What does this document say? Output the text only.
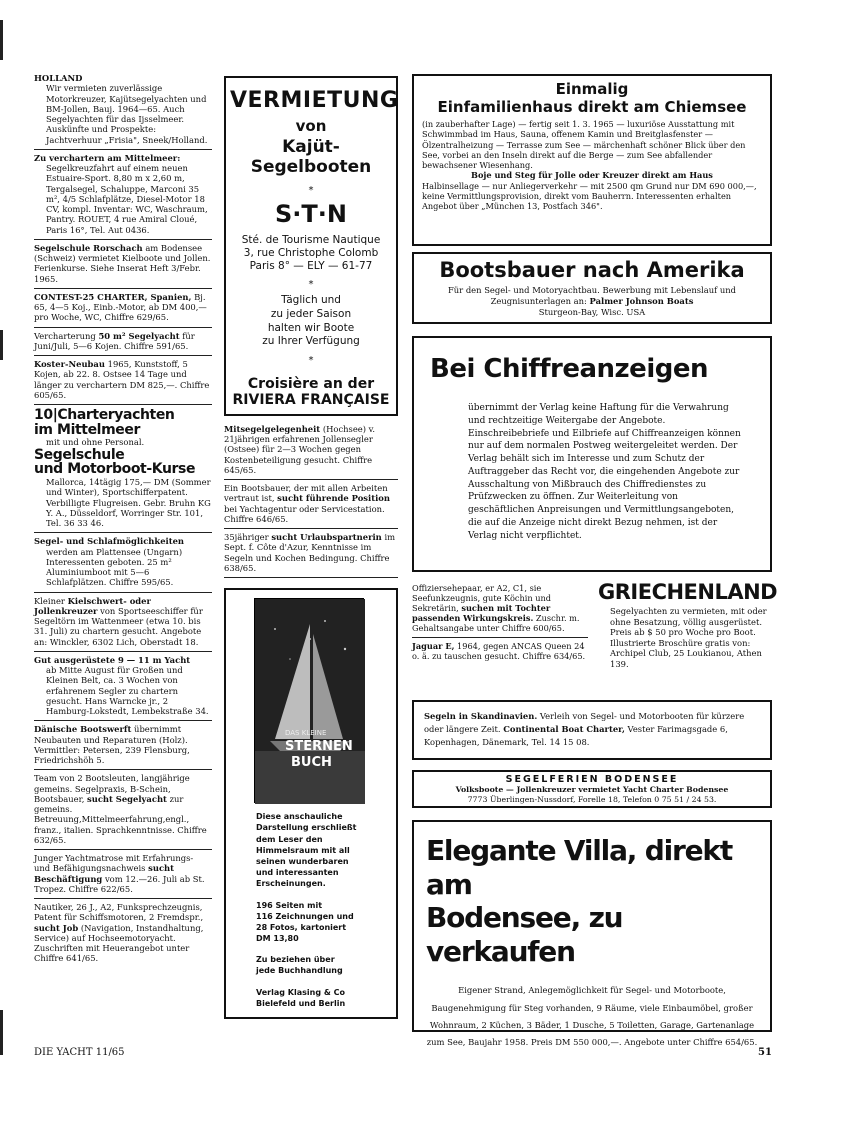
HOLLAND
Wir vermieten zuverlässige Motorkreuzer, Kajütsegelyachten und BM-Jollen, Bauj. 1964—65. Auch Segelyachten für das Ijsselmeer. Auskünfte und Prospekte: Jachtverhuur „Frisia", Sneek/Holland.
Zu verchartern am Mittelmeer:
Segelkreuzfahrt auf einem neuen Estuaire-Sport. 8,80 m x 2,60 m, Tergalsegel, Schaluppe, Marconi 35 m², 4/5 Schlafplätze, Diesel-Motor 18 CV, kompl. Inventar: WC, Waschraum, Pantry. ROUET, 4 rue Amiral Cloué, Paris 16°, Tel. Aut 0436.
Segelschule Rorschach am Bodensee (Schweiz) vermietet Kielboote und Jollen. Ferienkurse. Siehe Inserat Heft 3/Febr. 1965.
CONTEST-25 CHARTER, Spanien, Bj. 65, 4—5 Koj., Einb.-Motor, ab DM 400,— pro Woche, WC, Chiffre 629/65.
Vercharterung 50 m² Segelyacht für Juni/Juli, 5—6 Kojen. Chiffre 591/65.
Koster-Neubau 1965, Kunststoff, 5 Kojen, ab 22. 8. Ostsee 14 Tage und länger zu verchartern DM 825,—. Chiffre 605/65.
10|Charteryachten
im Mittelmeer
mit und ohne Personal.
Segelschule
und Motorboot-Kurse
Mallorca, 14tägig 175,— DM (Sommer und Winter), Sportschifferpatent. Verbilligte Flugreisen. Gebr. Bruhn KG Y. A., Düsseldorf, Worringer Str. 101, Tel. 36 33 46.
Segel- und Schlafmöglichkeiten
werden am Plattensee (Ungarn) Interessenten geboten. 25 m² Aluminiumboot mit 5—6 Schlafplätzen. Chiffre 595/65.
Kleiner Kielschwert- oder Jollenkreuzer von Sportseeschiffer für Segeltörn im Wattenmeer (etwa 10. bis 31. Juli) zu chartern gesucht. Angebote an: Winckler, 6302 Lich, Oberstadt 18.
Gut ausgerüstete 9 — 11 m Yacht
ab Mitte August für Großen und Kleinen Belt, ca. 3 Wochen von erfahrenem Segler zu chartern gesucht. Hans Warncke jr., 2 Hamburg-Lokstedt, Lembekstraße 34.
Dänische Bootswerft übernimmt Neubauten und Reparaturen (Holz). Vermittler: Petersen, 239 Flensburg, Friedrichshöh 5.
Team von 2 Bootsleuten, langjährige gemeins. Segelpraxis, B-Schein, Bootsbauer, sucht Segelyacht zur gemeins. Betreuung,Mittelmeerfahrung,engl., franz., italien. Sprachkenntnisse. Chiffre 632/65.
Junger Yachtmatrose mit Erfahrungs- und Befähigungsnachweis sucht Beschäftigung vom 12.—26. Juli ab St. Tropez. Chiffre 622/65.
Nautiker, 26 J., A2, Funksprechzeugnis, Patent für Schiffsmotoren, 2 Fremdspr., sucht Job (Navigation, Instandhaltung, Service) auf Hochseemotoryacht. Zuschriften mit Heuerangebot unter Chiffre 641/65.
VERMIETUNG
von
Kajüt-Segelbooten
*
S·T·N
Sté. de Tourisme Nautique
3, rue Christophe Colomb
Paris 8° — ELY — 61-77
*
Täglich und
zu jeder Saison
halten wir Boote
zu Ihrer Verfügung
*
Croisière an der
RIVIERA FRANÇAISE
Mitsegelgelegenheit (Hochsee) v. 21jährigen erfahrenen Jollensegler (Ostsee) für 2—3 Wochen gegen Kostenbeteiligung gesucht. Chiffre 645/65.
Ein Bootsbauer, der mit allen Arbeiten vertraut ist, sucht führende Position bei Yachtagentur oder Servicestation. Chiffre 646/65.
35jähriger sucht Urlaubspartnerin im Sept. f. Côte d'Azur, Kenntnisse im Segeln und Kochen Bedingung. Chiffre 638/65.
DAS KLEINE
STERNEN
BUCH
Diese anschauliche
Darstellung erschließt
dem Leser den
Himmelsraum mit all
seinen wunderbaren
und interessanten
Erscheinungen.
196 Seiten mit
116 Zeichnungen und
28 Fotos, kartoniert
DM 13,80
Zu beziehen über
jede Buchhandlung
Verlag Klasing & Co
Bielefeld und Berlin
Einmalig
Einfamilienhaus direkt am Chiemsee
(in zauberhafter Lage) — fertig seit 1. 3. 1965 — luxuriöse Ausstattung mit Schwimmbad im Haus, Sauna, offenem Kamin und Breitglasfenster — Ölzentralheizung — Terrasse zum See — märchenhaft schöner Blick über den See, vorbei an den Inseln direkt auf die Berge — zum See abfallender bewachsener Wiesenhang.
Boje und Steg für Jolle oder Kreuzer direkt am Haus
Halbinsellage — nur Anliegerverkehr — mit 2500 qm Grund nur DM 690 000,—, keine Vermittlungsprovision, direkt vom Bauherrn. Interessenten erhalten Angebot über „München 13, Postfach 346".
Bootsbauer nach Amerika
Für den Segel- und Motoryachtbau. Bewerbung mit Lebenslauf und Zeugnisunterlagen an: Palmer Johnson Boats
Sturgeon-Bay, Wisc. USA
Bei Chiffreanzeigen
übernimmt der Verlag keine Haftung für die Verwahrung und rechtzeitige Weitergabe der Angebote. Einschreibebriefe und Eilbriefe auf Chiffreanzeigen können nur auf dem normalen Postweg weitergeleitet werden. Der Verlag behält sich im Interesse und zum Schutz der Auftraggeber das Recht vor, die eingehenden Angebote zur Ausschaltung von Mißbrauch des Chiffredienstes zu Prüfzwecken zu öffnen. Zur Weiterleitung von geschäftlichen Anpreisungen und Vermittlungsangeboten, die auf die Anzeige nicht direkt Bezug nehmen, ist der Verlag nicht verpflichtet.
Offiziersehepaar, er A2, C1, sie Seefunkzeugnis, gute Köchin und Sekretärin, suchen mit Tochter passenden Wirkungskreis. Zuschr. m. Gehaltsangabe unter Chiffre 600/65.
Jaguar E, 1964, gegen ANCAS Queen 24 o. ä. zu tauschen gesucht. Chiffre 634/65.
GRIECHENLAND
Segelyachten zu vermieten, mit oder ohne Besatzung, völlig ausgerüstet. Preis ab $ 50 pro Woche pro Boot. Illustrierte Broschüre gratis von: Archipel Club, 25 Loukianou, Athen 139.
Segeln in Skandinavien. Verleih von Segel- und Motorbooten für kürzere oder längere Zeit. Continental Boat Charter, Vester Farimagsgade 6, Kopenhagen, Dänemark, Tel. 14 15 08.
SEGELFERIEN BODENSEE
Volksboote — Jollenkreuzer vermietet Yacht Charter Bodensee
7773 Überlingen-Nussdorf, Forelle 18, Telefon 0 75 51 / 24 53.
Elegante Villa, direkt am
Bodensee, zu verkaufen
Eigener Strand, Anlegemöglichkeit für Segel- und Motorboote, Baugenehmigung für Steg vorhanden, 9 Räume, viele Einbaumöbel, großer Wohnraum, 2 Küchen, 3 Bäder, 1 Dusche, 5 Toiletten, Garage, Gartenanlage zum See, Baujahr 1958. Preis DM 550 000,—. Angebote unter Chiffre 654/65.
DIE YACHT 11/65	51
